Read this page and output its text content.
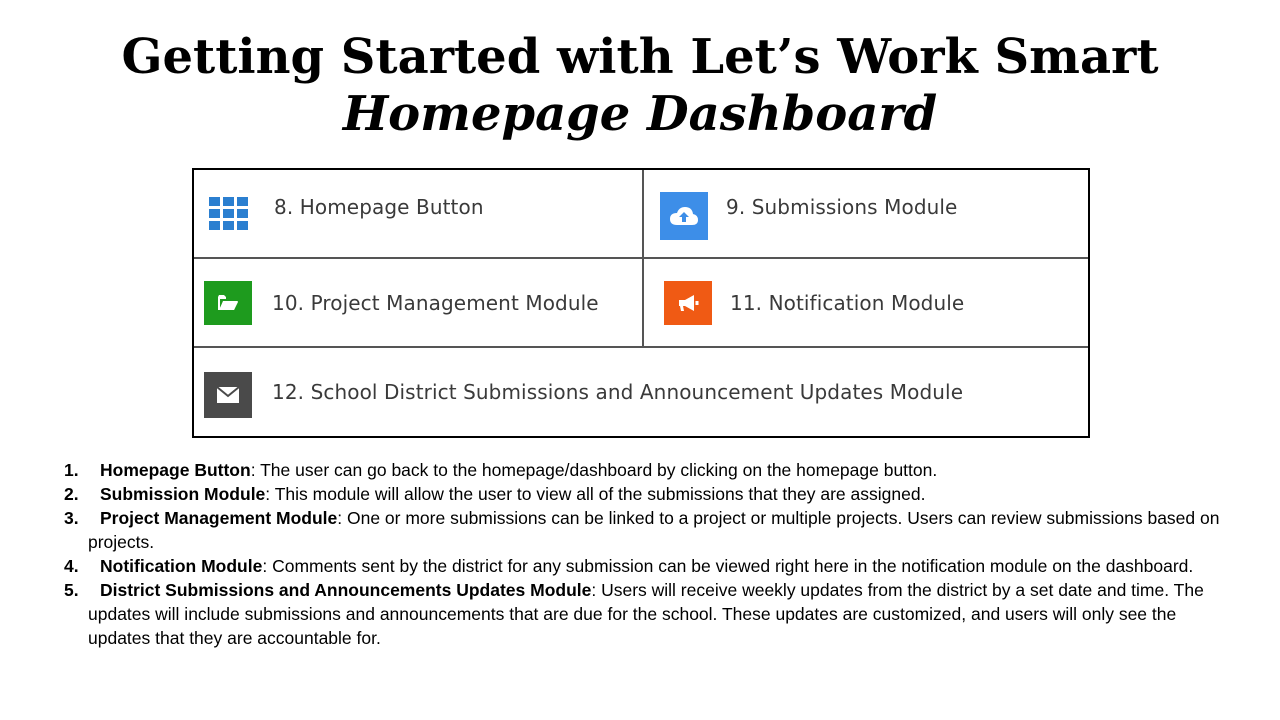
Getting Started with Let’s Work Smart
Homepage Dashboard
8. Homepage Button	9. Submissions Module
10. Project Management Module	11. Notification Module
12. School District Submissions and Announcement Updates Module
1. Homepage Button: The user can go back to the homepage/dashboard by clicking on the homepage button.
2. Submission Module: This module will allow the user to view all of the submissions that they are assigned.
3. Project Management Module: One or more submissions can be linked to a project or multiple projects. Users can review submissions based on projects.
4. Notification Module: Comments sent by the district for any submission can be viewed right here in the notification module on the dashboard.
5. District Submissions and Announcements Updates Module: Users will receive weekly updates from the district by a set date and time. The updates will include submissions and announcements that are due for the school. These updates are customized, and users will only see the updates that they are accountable for.
